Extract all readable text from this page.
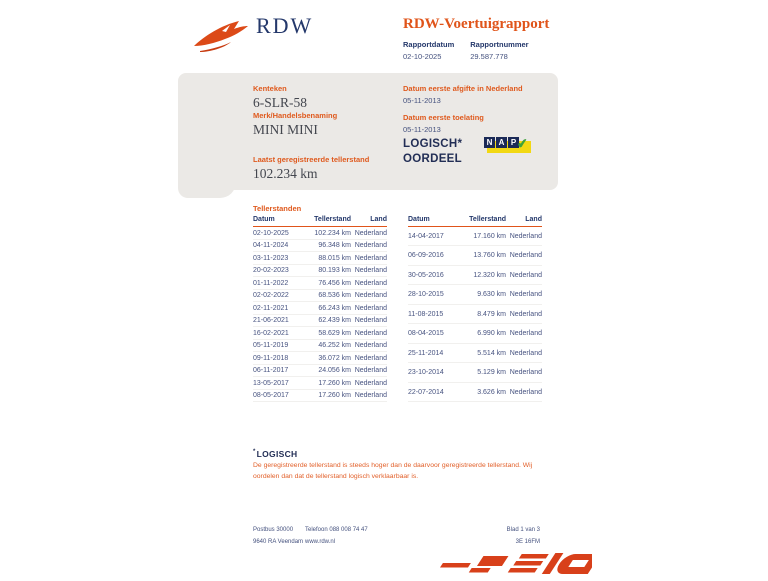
RDW	RDW-Voertuigrapport
Rapportdatum
02-10-2025
Rapportnummer
29.587.778
Kenteken
6-SLR-58
Merk/Handelsbenaming
MINI MINI
Laatst geregistreerde tellerstand
102.234 km
Datum eerste afgifte in Nederland
05-11-2013
Datum eerste toelating
05-11-2013
LOGISCH*
OORDEEL
N A P ✔
Tellerstanden
Datum	Tellerstand	Land
02-10-2025	102.234 km	Nederland
04-11-2024	96.348 km	Nederland
03-11-2023	88.015 km	Nederland
20-02-2023	80.193 km	Nederland
01-11-2022	76.456 km	Nederland
02-02-2022	68.536 km	Nederland
02-11-2021	66.243 km	Nederland
21-06-2021	62.439 km	Nederland
16-02-2021	58.629 km	Nederland
05-11-2019	46.252 km	Nederland
09-11-2018	36.072 km	Nederland
06-11-2017	24.056 km	Nederland
13-05-2017	17.260 km	Nederland
08-05-2017	17.260 km	Nederland
Datum	Tellerstand	Land
14-04-2017	17.160 km	Nederland
06-09-2016	13.760 km	Nederland
30-05-2016	12.320 km	Nederland
28-10-2015	9.630 km	Nederland
11-08-2015	8.479 km	Nederland
08-04-2015	6.990 km	Nederland
25-11-2014	5.514 km	Nederland
23-10-2014	5.129 km	Nederland
22-07-2014	3.626 km	Nederland
*LOGISCH
De geregistreerde tellerstand is steeds hoger dan de daarvoor geregistreerde tellerstand. Wij oordelen dan dat de tellerstand logisch verklaarbaar is.
Postbus 30000
9640 RA Veendam
Telefoon 088 008 74 47
www.rdw.nl
Blad 1 van 3
3E 16FM
